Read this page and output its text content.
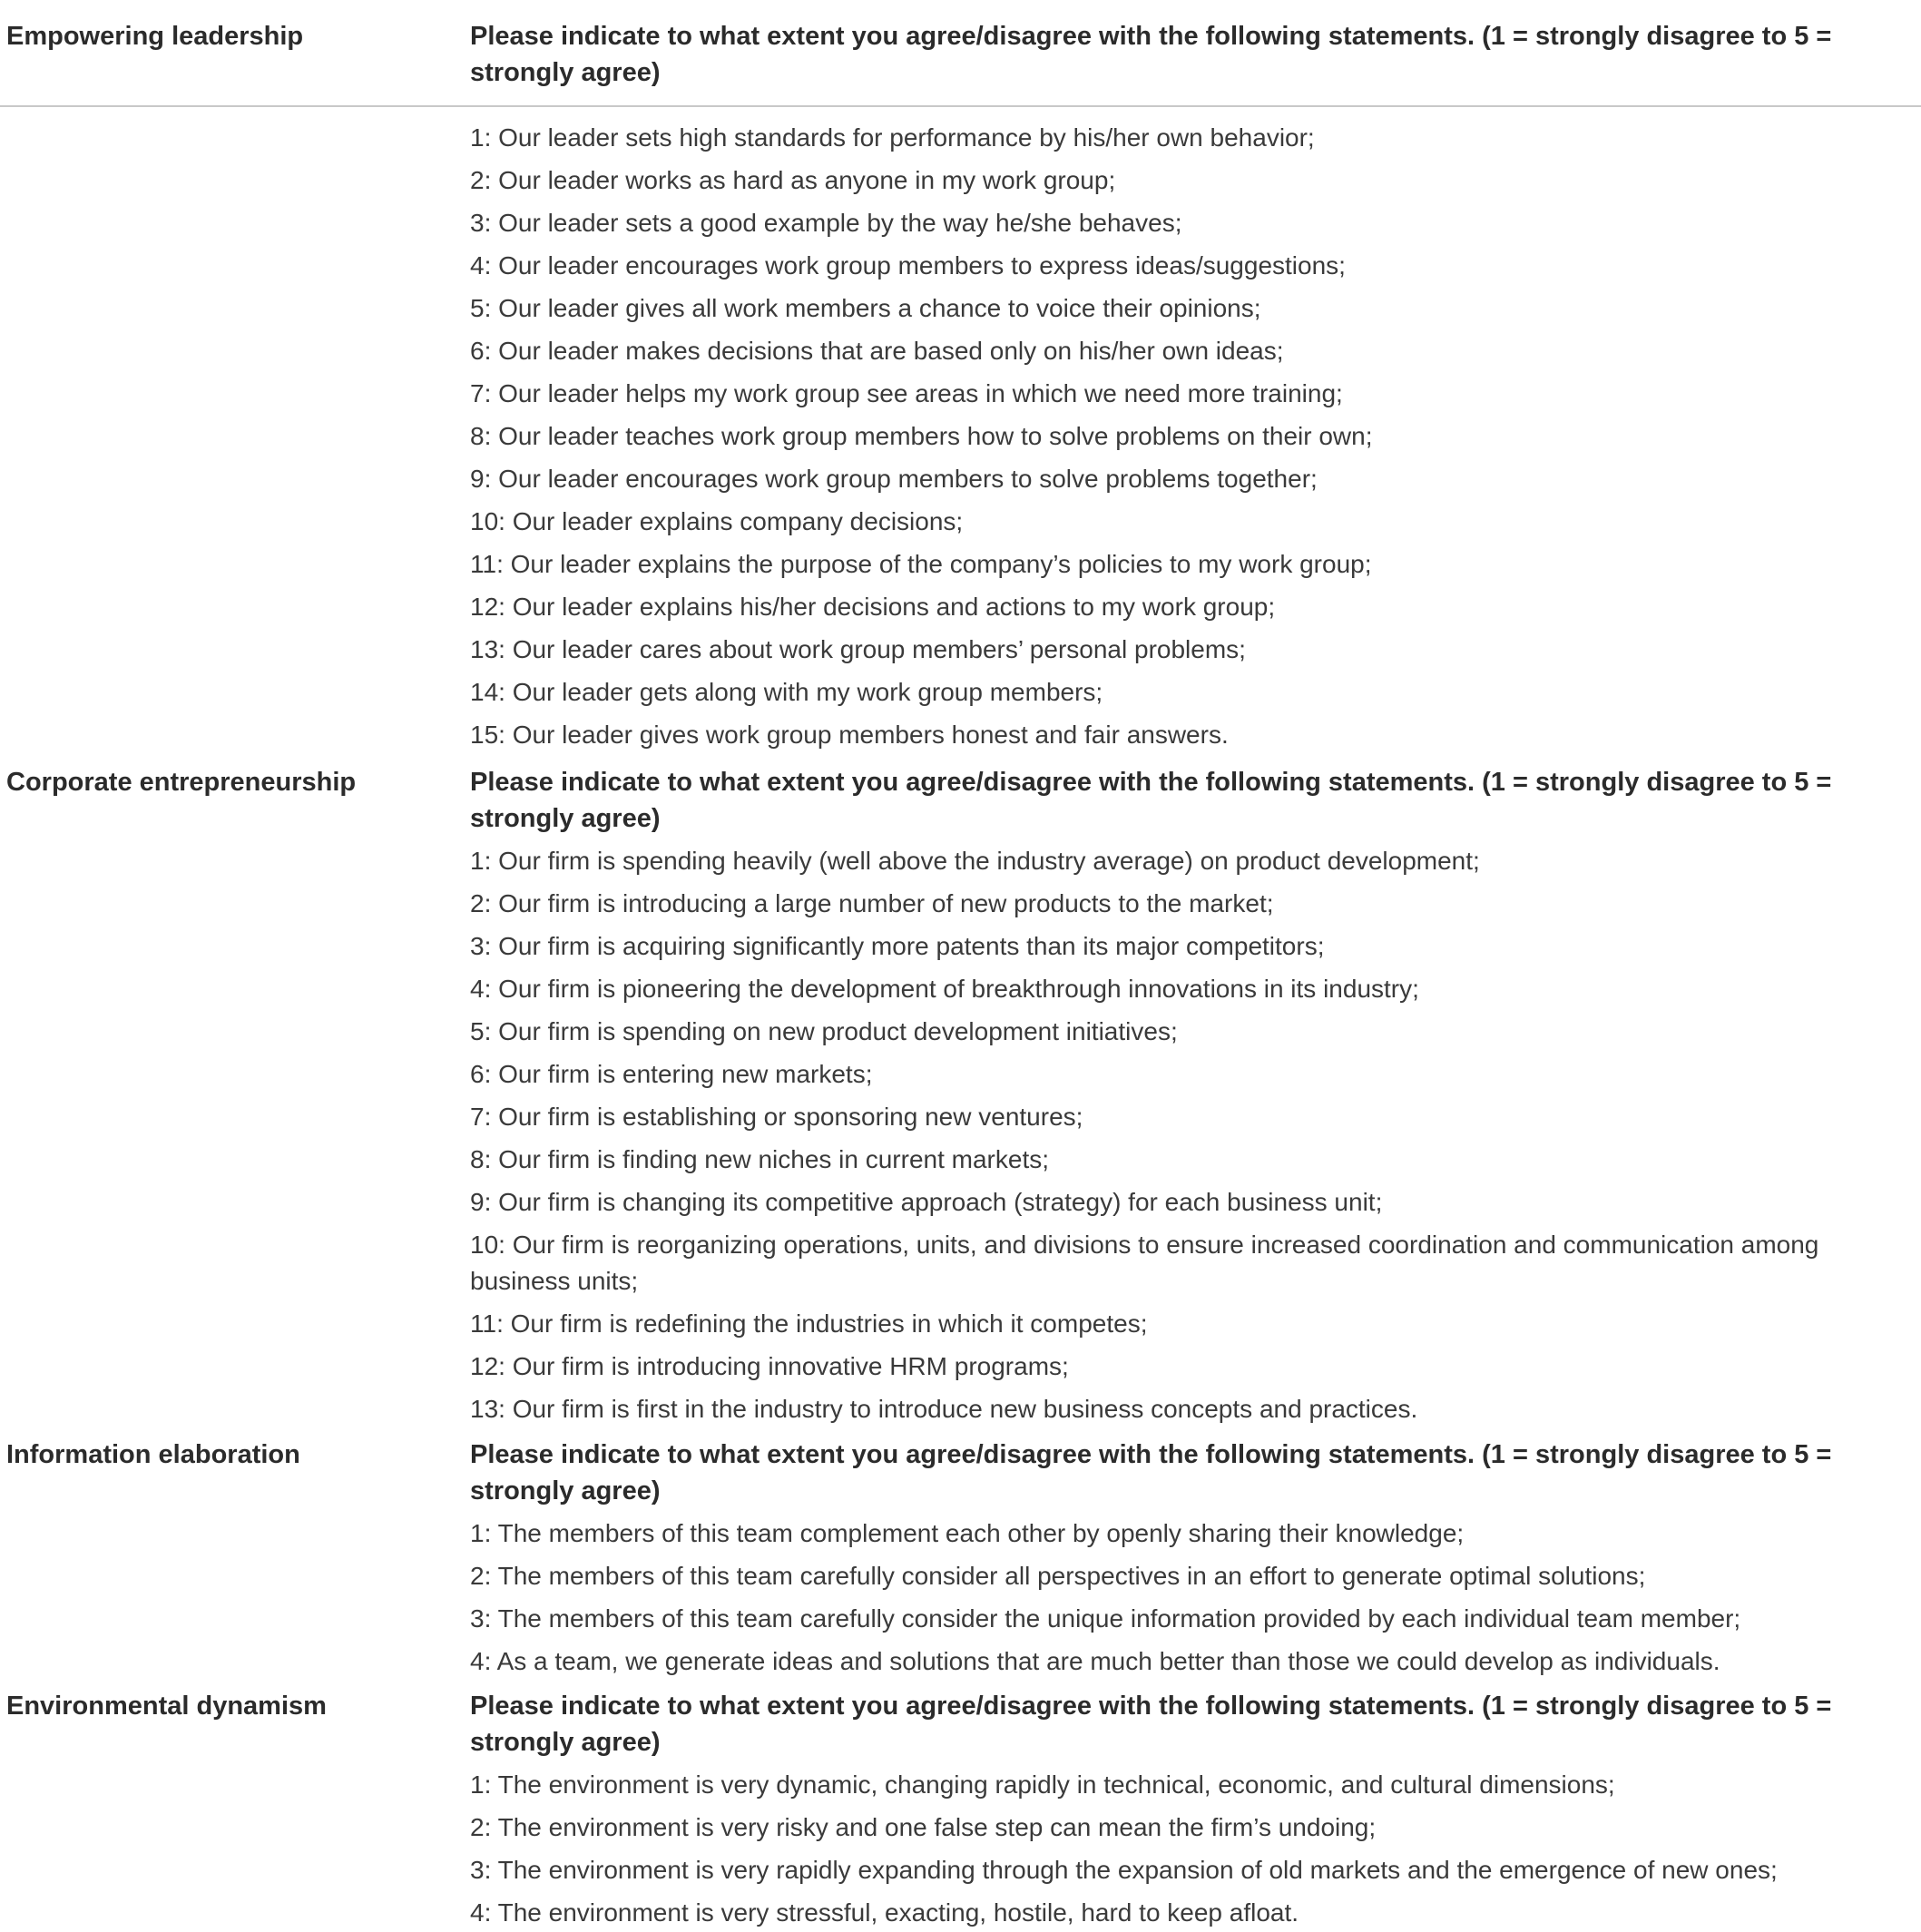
Empowering leadership	Please indicate to what extent you agree/disagree with the following statements. (1 = strongly disagree to 5 = strongly agree)
1: Our leader sets high standards for performance by his/her own behavior;
2: Our leader works as hard as anyone in my work group;
3: Our leader sets a good example by the way he/she behaves;
4: Our leader encourages work group members to express ideas/suggestions;
5: Our leader gives all work members a chance to voice their opinions;
6: Our leader makes decisions that are based only on his/her own ideas;
7: Our leader helps my work group see areas in which we need more training;
8: Our leader teaches work group members how to solve problems on their own;
9: Our leader encourages work group members to solve problems together;
10: Our leader explains company decisions;
11: Our leader explains the purpose of the company’s policies to my work group;
12: Our leader explains his/her decisions and actions to my work group;
13: Our leader cares about work group members’ personal problems;
14: Our leader gets along with my work group members;
15: Our leader gives work group members honest and fair answers.
Corporate entrepreneurship	Please indicate to what extent you agree/disagree with the following statements. (1 = strongly disagree to 5 = strongly agree)
1: Our firm is spending heavily (well above the industry average) on product development;
2: Our firm is introducing a large number of new products to the market;
3: Our firm is acquiring significantly more patents than its major competitors;
4: Our firm is pioneering the development of breakthrough innovations in its industry;
5: Our firm is spending on new product development initiatives;
6: Our firm is entering new markets;
7: Our firm is establishing or sponsoring new ventures;
8: Our firm is finding new niches in current markets;
9: Our firm is changing its competitive approach (strategy) for each business unit;
10: Our firm is reorganizing operations, units, and divisions to ensure increased coordination and communication among business units;
11: Our firm is redefining the industries in which it competes;
12: Our firm is introducing innovative HRM programs;
13: Our firm is first in the industry to introduce new business concepts and practices.
Information elaboration	Please indicate to what extent you agree/disagree with the following statements. (1 = strongly disagree to 5 = strongly agree)
1: The members of this team complement each other by openly sharing their knowledge;
2: The members of this team carefully consider all perspectives in an effort to generate optimal solutions;
3: The members of this team carefully consider the unique information provided by each individual team member;
4: As a team, we generate ideas and solutions that are much better than those we could develop as individuals.
Environmental dynamism	Please indicate to what extent you agree/disagree with the following statements. (1 = strongly disagree to 5 = strongly agree)
1: The environment is very dynamic, changing rapidly in technical, economic, and cultural dimensions;
2: The environment is very risky and one false step can mean the firm’s undoing;
3: The environment is very rapidly expanding through the expansion of old markets and the emergence of new ones;
4: The environment is very stressful, exacting, hostile, hard to keep afloat.
